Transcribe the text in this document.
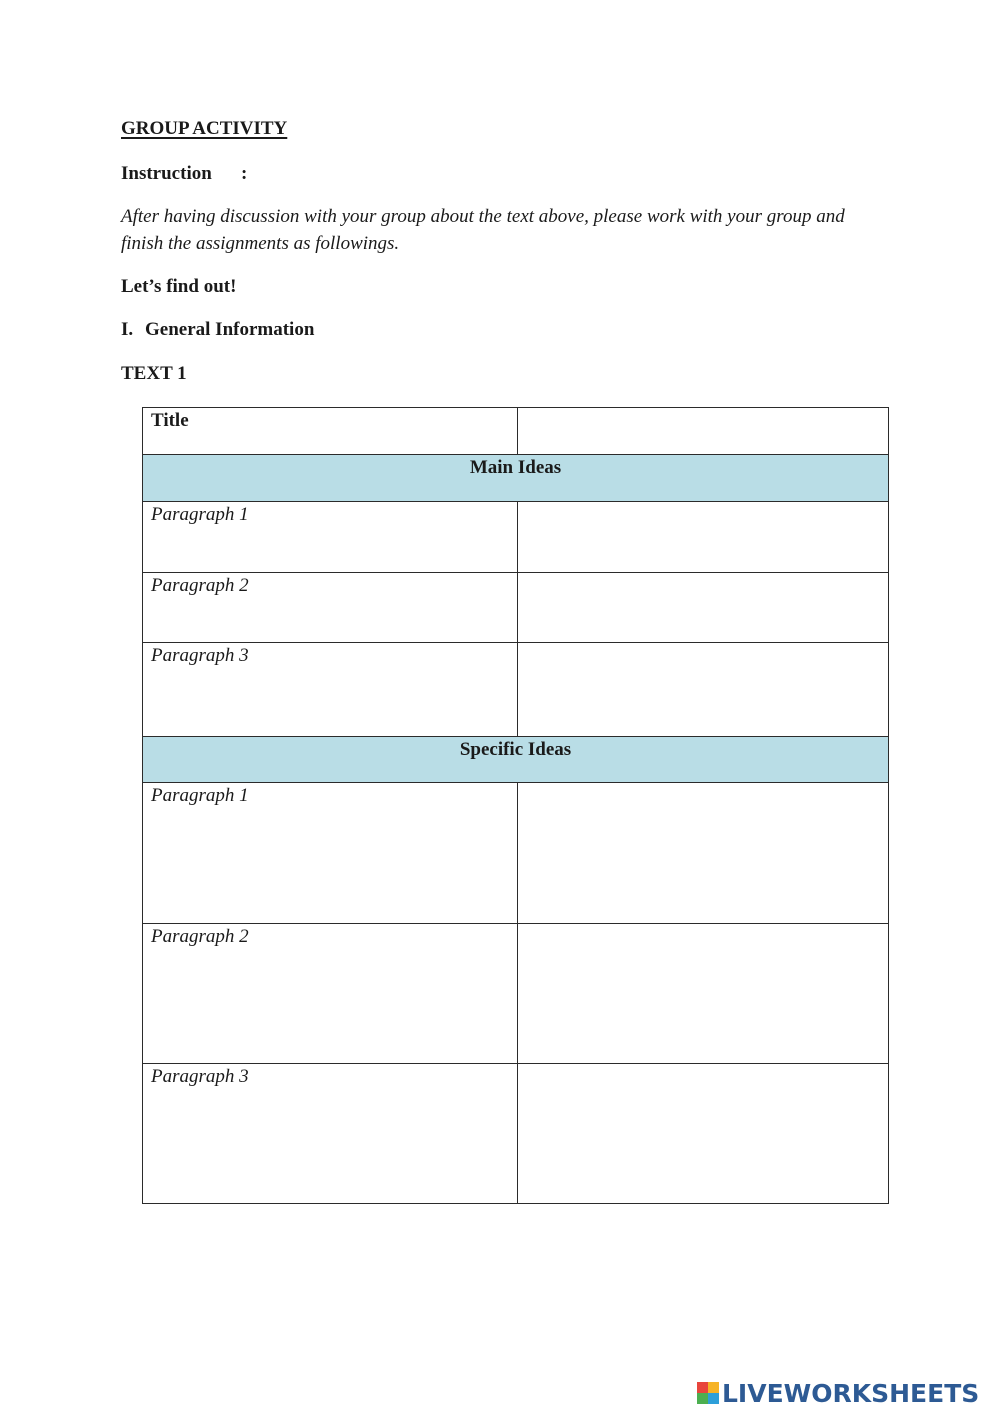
GROUP ACTIVITY
Instruction :
After having discussion with your group about the text above, please work with your group and finish the assignments as followings.
Let’s find out!
I. General Information
TEXT 1
Title	
Main Ideas	
Paragraph 1	
Paragraph 2	
Paragraph 3	
Specific Ideas	
Paragraph 1	
Paragraph 2	
Paragraph 3	
LIVEWORKSHEETS
